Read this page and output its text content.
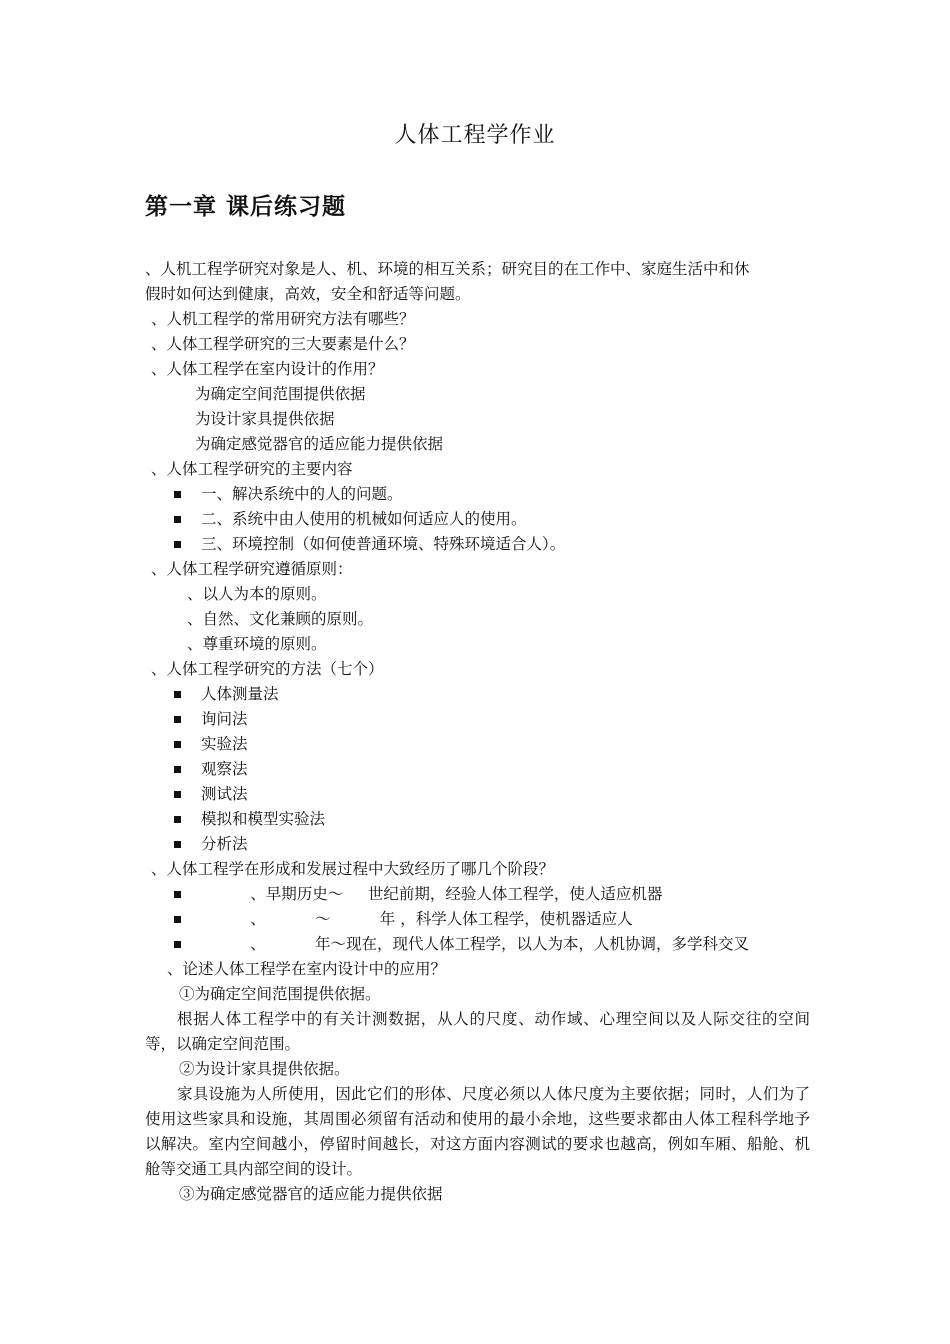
人体工程学作业
第一章 课后练习题
、人机工程学研究对象是人、机、环境的相互关系；研究目的在工作中、家庭生活中和休
假时如何达到健康，高效，安全和舒适等问题。
、人机工程学的常用研究方法有哪些？
、人体工程学研究的三大要素是什么？
、人体工程学在室内设计的作用？
为确定空间范围提供依据
为设计家具提供依据
为确定感觉器官的适应能力提供依据
、人体工程学研究的主要内容
一、解决系统中的人的问题。
二、系统中由人使用的机械如何适应人的使用。
三、环境控制（如何使普通环境、特殊环境适合人）。
、人体工程学研究遵循原则：
、以人为本的原则。
、自然、文化兼顾的原则。
、尊重环境的原则。
、人体工程学研究的方法（七个）
人体测量法
询问法
实验法
观察法
测试法
模拟和模型实验法
分析法
、人体工程学在形成和发展过程中大致经历了哪几个阶段？
、早期历史～     世纪前期，经验人体工程学，使人适应机器
、          ～          年 ，科学人体工程学，使机器适应人
、          年～现在，现代人体工程学，以人为本，人机协调，多学科交叉
、论述人体工程学在室内设计中的应用？
①为确定空间范围提供依据。
根据人体工程学中的有关计测数据，从人的尺度、动作域、心理空间以及人际交往的空间等，以确定空间范围。
②为设计家具提供依据。
家具设施为人所使用，因此它们的形体、尺度必须以人体尺度为主要依据；同时，人们为了使用这些家具和设施，其周围必须留有活动和使用的最小余地，这些要求都由人体工程科学地予以解决。室内空间越小，停留时间越长，对这方面内容测试的要求也越高，例如车厢、船舱、机舱等交通工具内部空间的设计。
③为确定感觉器官的适应能力提供依据
